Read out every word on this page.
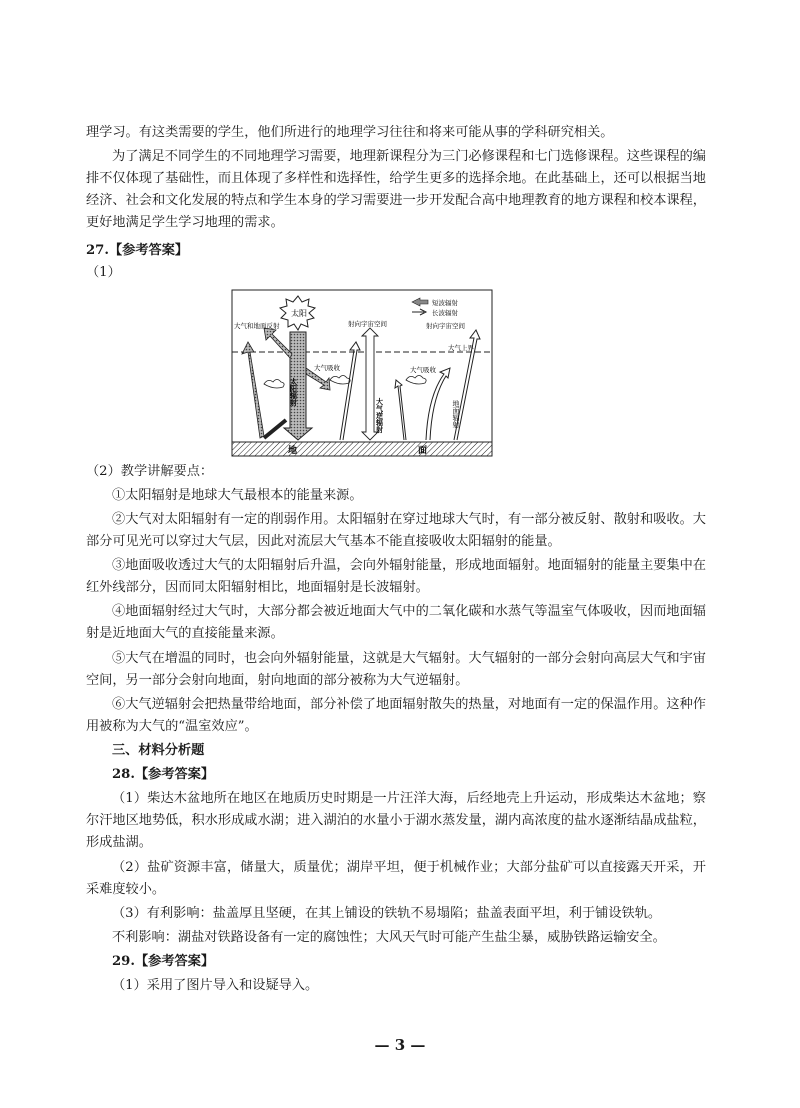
理学习。有这类需要的学生，他们所进行的地理学习往往和将来可能从事的学科研究相关。

为了满足不同学生的不同地理学习需要，地理新课程分为三门必修课程和七门选修课程。这些课程的编排不仅体现了基础性，而且体现了多样性和选择性，给学生更多的选择余地。在此基础上，还可以根据当地经济、社会和文化发展的特点和学生本身的学习需要进一步开发配合高中地理教育的地方课程和校本课程，更好地满足学生学习地理的需求。

27.【参考答案】

（1）

地	面
太阳
太阳辐射
大气和地面反射
大气吸收
短波辐射
长波辐射
射向宇宙空间	射向宇宙空间
大气上界
大气逆辐射
大气吸收
地面辐射

（2）教学讲解要点：

①太阳辐射是地球大气最根本的能量来源。

②大气对太阳辐射有一定的削弱作用。太阳辐射在穿过地球大气时，有一部分被反射、散射和吸收。大部分可见光可以穿过大气层，因此对流层大气基本不能直接吸收太阳辐射的能量。

③地面吸收透过大气的太阳辐射后升温，会向外辐射能量，形成地面辐射。地面辐射的能量主要集中在红外线部分，因而同太阳辐射相比，地面辐射是长波辐射。

④地面辐射经过大气时，大部分都会被近地面大气中的二氧化碳和水蒸气等温室气体吸收，因而地面辐射是近地面大气的直接能量来源。

⑤大气在增温的同时，也会向外辐射能量，这就是大气辐射。大气辐射的一部分会射向高层大气和宇宙空间，另一部分会射向地面，射向地面的部分被称为大气逆辐射。

⑥大气逆辐射会把热量带给地面，部分补偿了地面辐射散失的热量，对地面有一定的保温作用。这种作用被称为大气的“温室效应”。

三、材料分析题

28.【参考答案】

（1）柴达木盆地所在地区在地质历史时期是一片汪洋大海，后经地壳上升运动，形成柴达木盆地；察尔汗地区地势低，积水形成咸水湖；进入湖泊的水量小于湖水蒸发量，湖内高浓度的盐水逐渐结晶成盐粒，形成盐湖。

（2）盐矿资源丰富，储量大，质量优；湖岸平坦，便于机械作业；大部分盐矿可以直接露天开采，开采难度较小。

（3）有利影响：盐盖厚且坚硬，在其上铺设的铁轨不易塌陷；盐盖表面平坦，利于铺设铁轨。

不利影响：湖盐对铁路设备有一定的腐蚀性；大风天气时可能产生盐尘暴，威胁铁路运输安全。

29.【参考答案】

（1）采用了图片导入和设疑导入。

— 3 —
